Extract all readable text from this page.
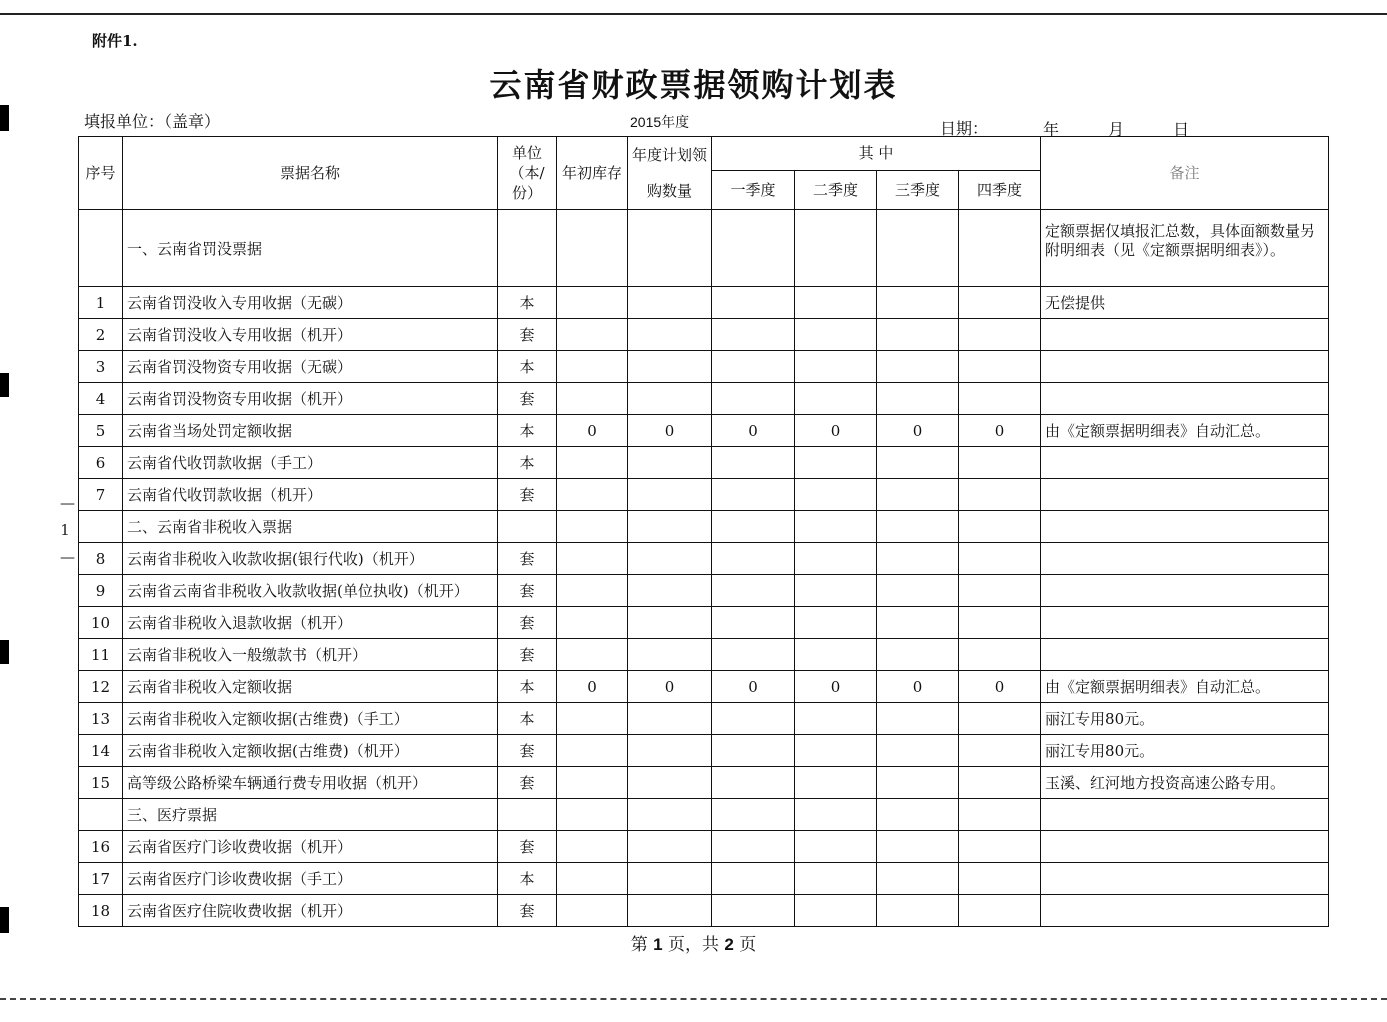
— 1 —
附件1.
云南省财政票据领购计划表
填报单位：（盖章）	2015年度	日期：	年 月 日
序号	票据名称	单位（本/份）	年初库存	年度计划领购数量	其 中				备注
					一季度	二季度	三季度	四季度	
	一、云南省罚没票据								定额票据仅填报汇总数，具体面额数量另附明细表（见《定额票据明细表》）。
1	云南省罚没收入专用收据（无碳）	本							无偿提供
2	云南省罚没收入专用收据（机开）	套							
3	云南省罚没物资专用收据（无碳）	本							
4	云南省罚没物资专用收据（机开）	套							
5	云南省当场处罚定额收据	本	0	0	0	0	0	0	由《定额票据明细表》自动汇总。
6	云南省代收罚款收据（手工）	本							
7	云南省代收罚款收据（机开）	套							
	二、云南省非税收入票据								
8	云南省非税收入收款收据(银行代收)（机开）	套							
9	云南省云南省非税收入收款收据(单位执收)（机开）	套							
10	云南省非税收入退款收据（机开）	套							
11	云南省非税收入一般缴款书（机开）	套							
12	云南省非税收入定额收据	本	0	0	0	0	0	0	由《定额票据明细表》自动汇总。
13	云南省非税收入定额收据(古维费)（手工）	本							丽江专用80元。
14	云南省非税收入定额收据(古维费)（机开）	套							丽江专用80元。
15	高等级公路桥梁车辆通行费专用收据（机开）	套							玉溪、红河地方投资高速公路专用。
	三、医疗票据								
16	云南省医疗门诊收费收据（机开）	套							
17	云南省医疗门诊收费收据（手工）	本							
18	云南省医疗住院收费收据（机开）	套							
第 1 页，共 2 页
